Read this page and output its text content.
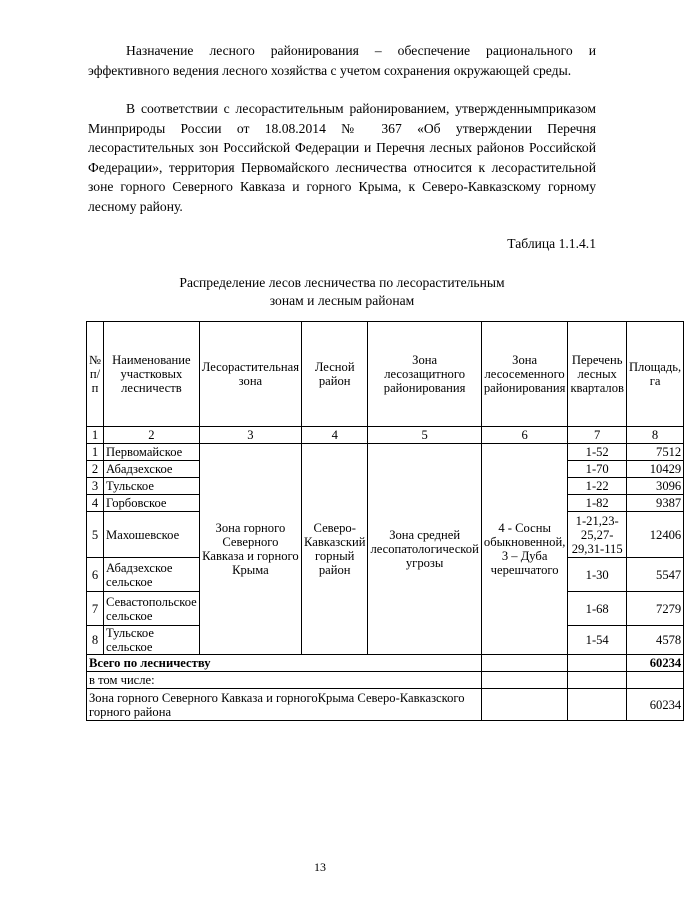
Назначение лесного районирования – обеспечение рационального и эффективного ведения лесного хозяйства с учетом сохранения окружающей среды.

В соответствии с лесорастительным районированием, утвержденнымприказом Минприроды России от 18.08.2014 № 367 «Об утверждении Перечня лесорастительных зон Российской Федерации и Перечня лесных районов Российской Федерации», территория Первомайского лесничества относится к лесорастительной зоне горного Северного Кавказа и горного Крыма, к Северо-Кавказскому горному лесному району.

Таблица 1.1.4.1
Распределение лесов лесничества по лесорастительным
зонам и лесным районам
№ п/п	Наименование участковых лесничеств	Лесорастительная зона	Лесной район	Зона лесозащитного районирования	Зона лесосеменного районирования	Перечень лесных кварталов	Площадь, га
1	2	3	4	5	6	7	8
1	Первомайское	Зона горного Северного Кавказа и горного Крыма	Северо-Кавказский горный район	Зона средней лесопатологической угрозы	4 - Сосны обыкновенной, 3 – Дуба черешчатого	1-52	7512
2	Абадзехское					1-70	10429
3	Тульское					1-22	3096
4	Горбовское					1-82	9387
5	Махошевское					1-21,23-25,27-29,31-115	12406
6	Абадзехское сельское					1-30	5547
7	Севастопольское сельское					1-68	7279
8	Тульское сельское					1-54	4578
Всего по лесничеству							60234
в том числе:							
Зона горного Северного Кавказа и горногоКрыма Северо-Кавказского горного района							60234
13
